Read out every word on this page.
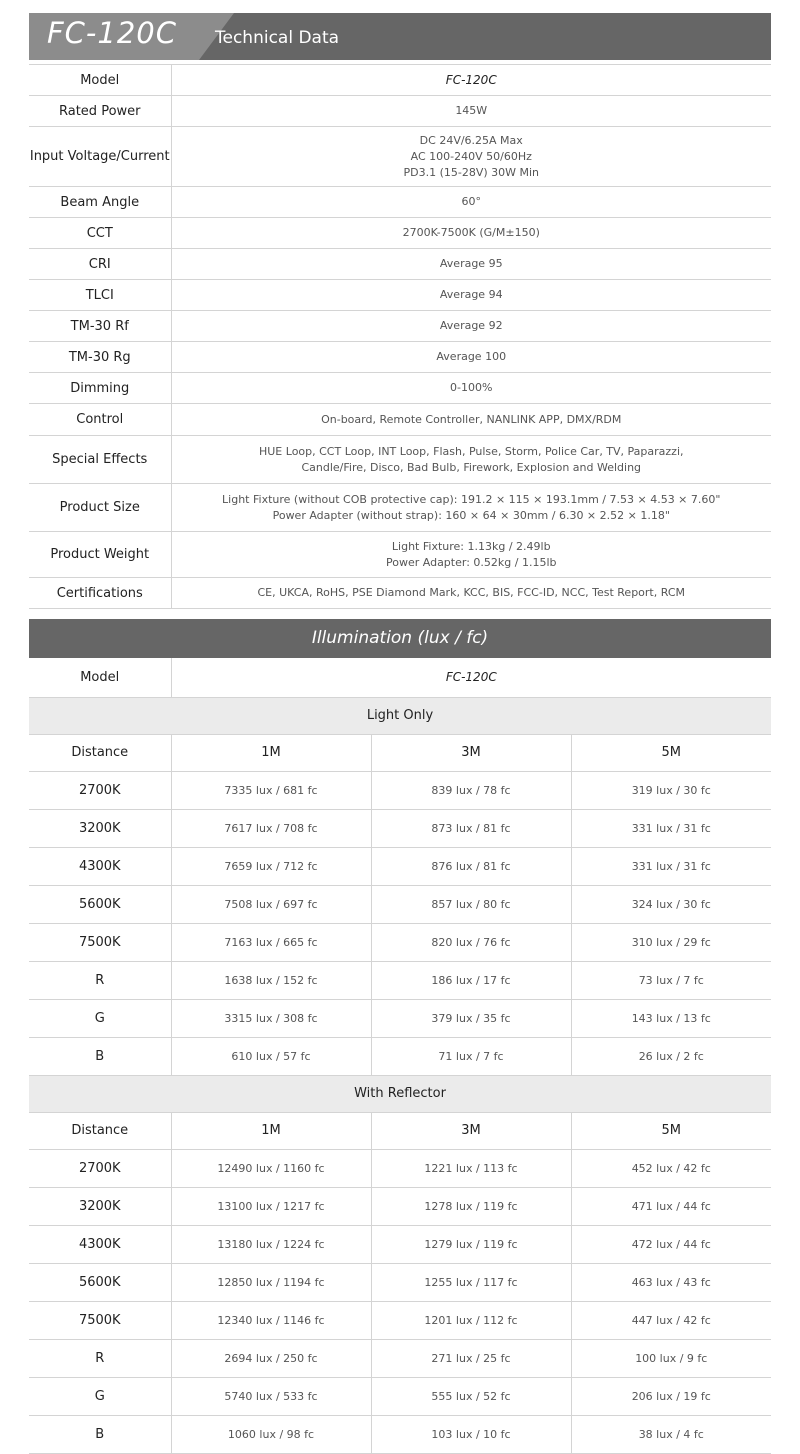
FC-120C Technical Data
Model	FC-120C

Rated Power	145W

Input Voltage/Current	DC 24V/6.25A Max
AC 100-240V 50/60Hz
PD3.1 (15-28V) 30W Min

Beam Angle	60°

CCT	2700K-7500K (G/M±150)

CRI	Average 95

TLCI	Average 94

TM-30 Rf	Average 92

TM-30 Rg	Average 100

Dimming	0-100%

Control	On-board, Remote Controller, NANLINK APP, DMX/RDM

Special Effects	HUE Loop, CCT Loop, INT Loop, Flash, Pulse, Storm, Police Car, TV, Paparazzi,
Candle/Fire, Disco, Bad Bulb, Firework, Explosion and Welding

Product Size	Light Fixture (without COB protective cap): 191.2 × 115 × 193.1mm / 7.53 × 4.53 × 7.60"
Power Adapter (without strap): 160 × 64 × 30mm / 6.30 × 2.52 × 1.18"

Product Weight	Light Fixture: 1.13kg / 2.49lb
Power Adapter: 0.52kg / 1.15lb

Certifications	CE, UKCA, RoHS, PSE Diamond Mark, KCC, BIS, FCC-ID, NCC, Test Report, RCM
Illumination (lux / fc)
Model	FC-120C		
Light Only			
Distance	1M	3M	5M
2700K	7335 lux / 681 fc	839 lux / 78 fc	319 lux / 30 fc
3200K	7617 lux / 708 fc	873 lux / 81 fc	331 lux / 31 fc
4300K	7659 lux / 712 fc	876 lux / 81 fc	331 lux / 31 fc
5600K	7508 lux / 697 fc	857 lux / 80 fc	324 lux / 30 fc
7500K	7163 lux / 665 fc	820 lux / 76 fc	310 lux / 29 fc
R	1638 lux / 152 fc	186 lux / 17 fc	73 lux / 7 fc
G	3315 lux / 308 fc	379 lux / 35 fc	143 lux / 13 fc
B	610 lux / 57 fc	71 lux / 7 fc	26 lux / 2 fc
With Reflector			
Distance	1M	3M	5M
2700K	12490 lux / 1160 fc	1221 lux / 113 fc	452 lux / 42 fc
3200K	13100 lux / 1217 fc	1278 lux / 119 fc	471 lux / 44 fc
4300K	13180 lux / 1224 fc	1279 lux / 119 fc	472 lux / 44 fc
5600K	12850 lux / 1194 fc	1255 lux / 117 fc	463 lux / 43 fc
7500K	12340 lux / 1146 fc	1201 lux / 112 fc	447 lux / 42 fc
R	2694 lux / 250 fc	271 lux / 25 fc	100 lux / 9 fc
G	5740 lux / 533 fc	555 lux / 52 fc	206 lux / 19 fc
B	1060 lux / 98 fc	103 lux / 10 fc	38 lux / 4 fc
